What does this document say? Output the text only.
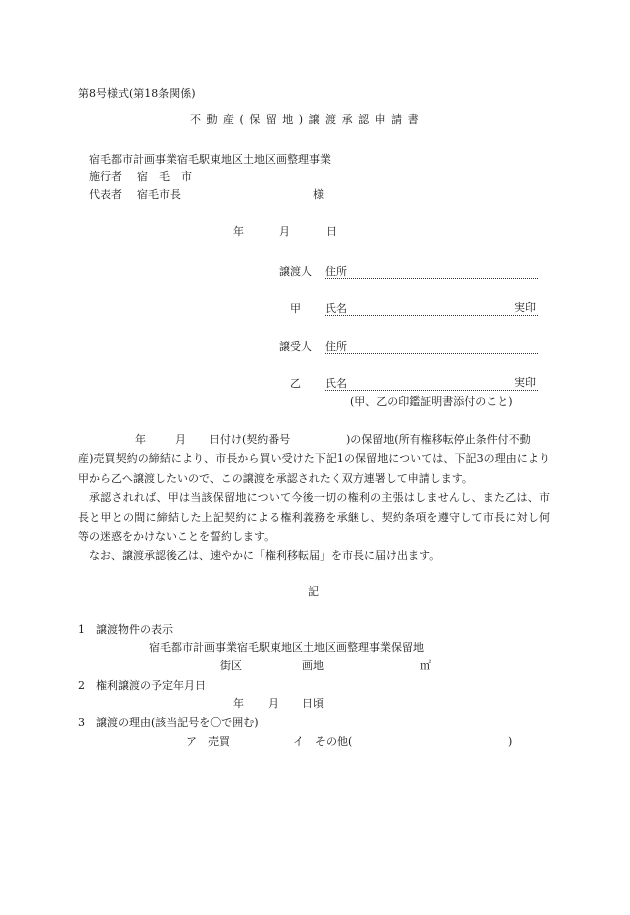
第8号様式(第18条関係)
不動産(保留地)譲渡承認申請書
宿毛都市計画事業宿毛駅東地区土地区画整理事業
施行者 宿　毛　市
代表者 宿毛市長	様
年	月	日
譲渡人 住所
甲 氏名	実印
譲受人 住所
乙 氏名	実印
(甲、乙の印鑑証明書添付のこと)
年	月 日付け(契約番号	)の保留地(所有権移転停止条件付不動
産)売買契約の締結により、市長から買い受けた下記1の保留地については、下記3の理由により甲から乙へ譲渡したいので、この譲渡を承認されたく双方連署して申請します。
承認されれば、甲は当該保留地について今後一切の権利の主張はしませんし、また乙は、市長と甲との間に締結した上記契約による権利義務を承継し、契約条項を遵守して市長に対し何等の迷惑をかけないことを誓約します。
なお、譲渡承認後乙は、速やかに「権利移転届」を市長に届け出ます。
記
1　譲渡物件の表示
宿毛都市計画事業宿毛駅東地区土地区画整理事業保留地
街区	画地	㎡
2　権利譲渡の予定年月日
年 月 日頃
3　譲渡の理由(該当記号を〇で囲む)
ア　売買	イ　その他(	)
